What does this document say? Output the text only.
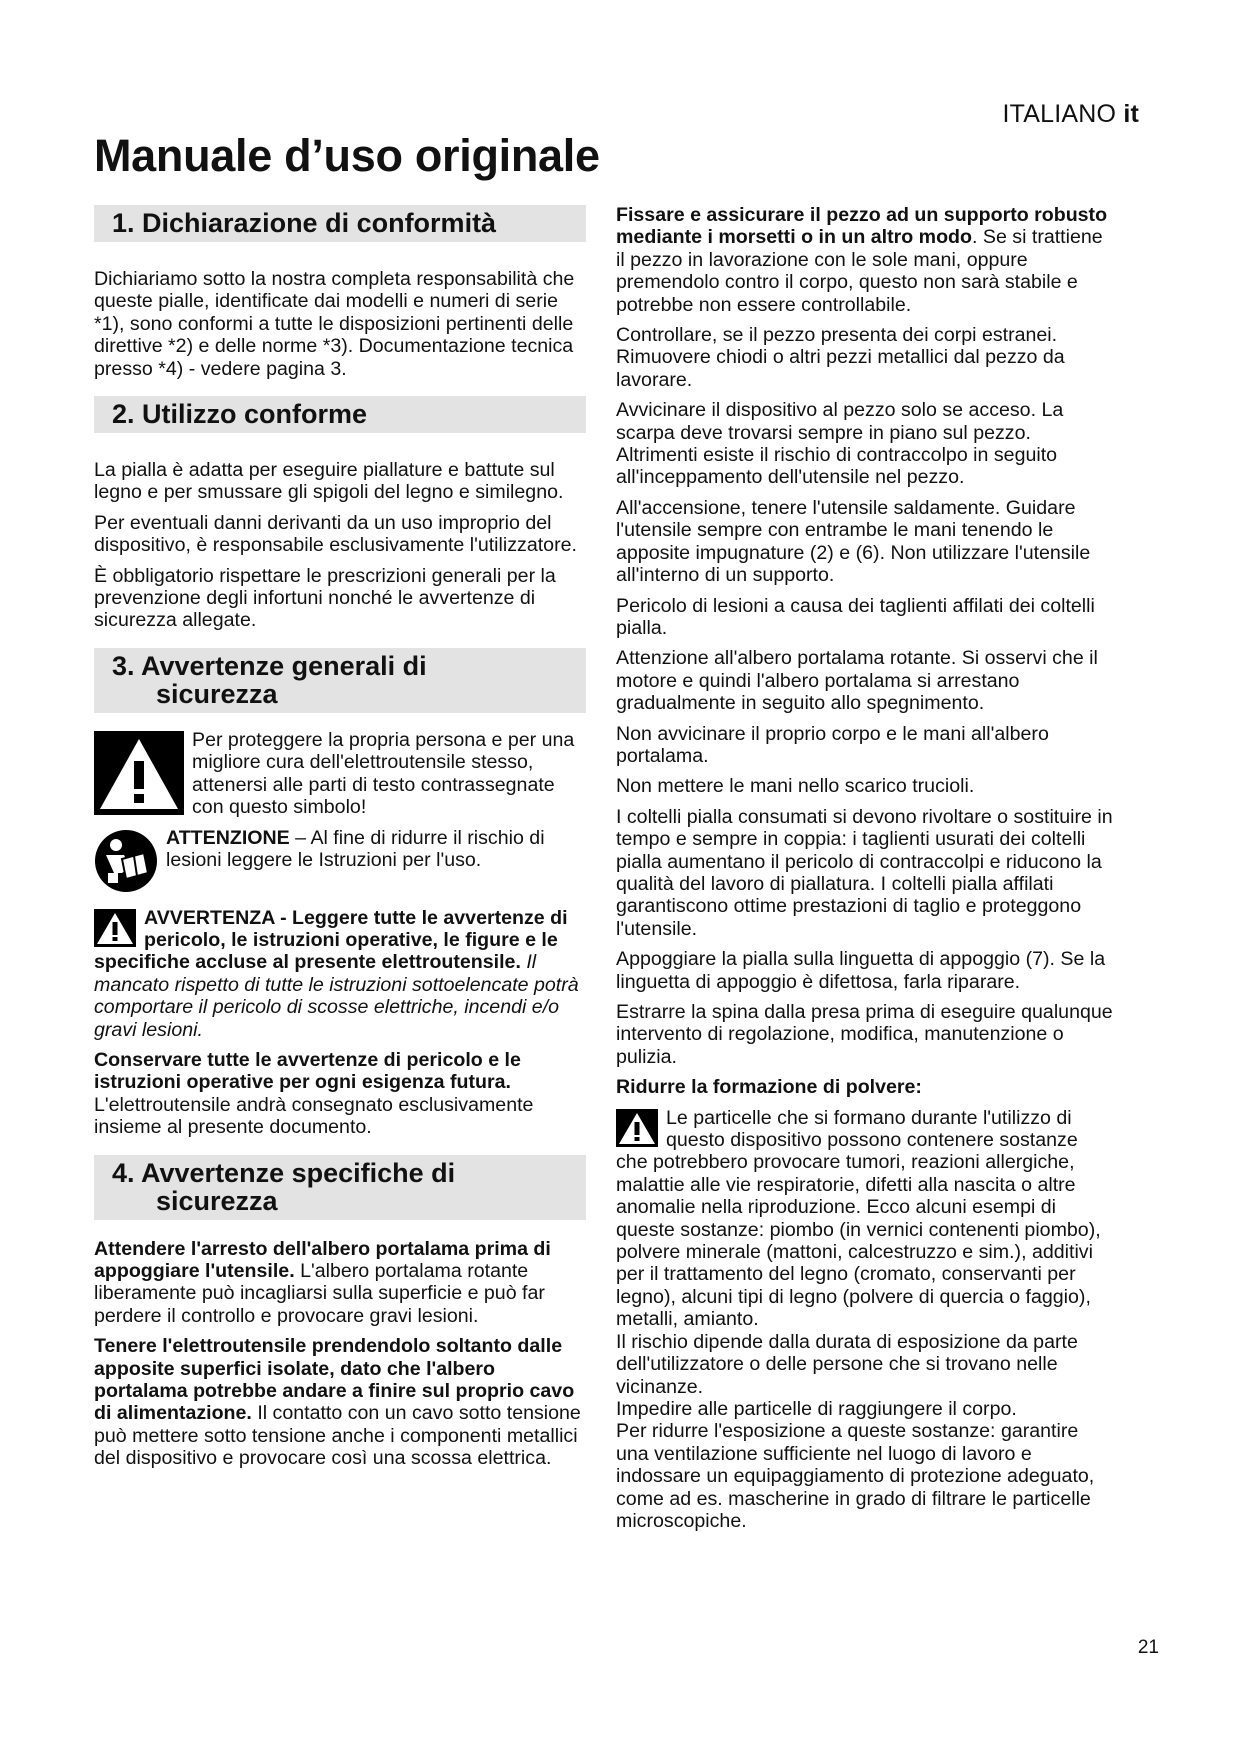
ITALIANO it
Manuale d’uso originale
1. Dichiarazione di conformità

Dichiariamo sotto la nostra completa responsabilità che queste pialle, identificate dai modelli e numeri di serie *1), sono conformi a tutte le disposizioni pertinenti delle direttive *2) e delle norme *3). Documentazione tecnica presso *4) - vedere pagina 3.

2. Utilizzo conforme

La pialla è adatta per eseguire piallature e battute sul legno e per smussare gli spigoli del legno e similegno.

Per eventuali danni derivanti da un uso improprio del dispositivo, è responsabile esclusivamente l'utilizzatore.

È obbligatorio rispettare le prescrizioni generali per la prevenzione degli infortuni nonché le avvertenze di sicurezza allegate.

3. Avvertenze generali di
sicurezza
Per proteggere la propria persona e per una migliore cura dell'elettroutensile stesso, attenersi alle parti di testo contrassegnate con questo simbolo!
ATTENZIONE – Al fine di ridurre il rischio di lesioni leggere le Istruzioni per l'uso.
AVVERTENZA - Leggere tutte le avvertenze di pericolo, le istruzioni operative, le figure e le specifiche accluse al presente elettroutensile. Il mancato rispetto di tutte le istruzioni sottoelencate potrà comportare il pericolo di scosse elettriche, incendi e/o gravi lesioni.

Conservare tutte le avvertenze di pericolo e le istruzioni operative per ogni esigenza futura. L'elettroutensile andrà consegnato esclusivamente insieme al presente documento.

4. Avvertenze specifiche di
sicurezza

Attendere l'arresto dell'albero portalama prima di appoggiare l'utensile. L'albero portalama rotante liberamente può incagliarsi sulla superficie e può far perdere il controllo e provocare gravi lesioni.

Tenere l'elettroutensile prendendolo soltanto dalle apposite superfici isolate, dato che l'albero portalama potrebbe andare a finire sul proprio cavo di alimentazione. Il contatto con un cavo sotto tensione può mettere sotto tensione anche i componenti metallici del dispositivo e provocare così una scossa elettrica.

Fissare e assicurare il pezzo ad un supporto robusto mediante i morsetti o in un altro modo. Se si trattiene il pezzo in lavorazione con le sole mani, oppure premendolo contro il corpo, questo non sarà stabile e potrebbe non essere controllabile.

Controllare, se il pezzo presenta dei corpi estranei. Rimuovere chiodi o altri pezzi metallici dal pezzo da lavorare.

Avvicinare il dispositivo al pezzo solo se acceso. La scarpa deve trovarsi sempre in piano sul pezzo. Altrimenti esiste il rischio di contraccolpo in seguito all'inceppamento dell'utensile nel pezzo.

All'accensione, tenere l'utensile saldamente. Guidare l'utensile sempre con entrambe le mani tenendo le apposite impugnature (2) e (6). Non utilizzare l'utensile all'interno di un supporto.

Pericolo di lesioni a causa dei taglienti affilati dei coltelli pialla.

Attenzione all'albero portalama rotante. Si osservi che il motore e quindi l'albero portalama si arrestano gradualmente in seguito allo spegnimento.

Non avvicinare il proprio corpo e le mani all'albero portalama.

Non mettere le mani nello scarico trucioli.

I coltelli pialla consumati si devono rivoltare o sostituire in tempo e sempre in coppia: i taglienti usurati dei coltelli pialla aumentano il pericolo di contraccolpi e riducono la qualità del lavoro di piallatura. I coltelli pialla affilati garantiscono ottime prestazioni di taglio e proteggono l'utensile.

Appoggiare la pialla sulla linguetta di appoggio (7). Se la linguetta di appoggio è difettosa, farla riparare.

Estrarre la spina dalla presa prima di eseguire qualunque intervento di regolazione, modifica, manutenzione o pulizia.

Ridurre la formazione di polvere:

Le particelle che si formano durante l'utilizzo di questo dispositivo possono contenere sostanze che potrebbero provocare tumori, reazioni allergiche, malattie alle vie respiratorie, difetti alla nascita o altre anomalie nella riproduzione. Ecco alcuni esempi di queste sostanze: piombo (in vernici contenenti piombo), polvere minerale (mattoni, calcestruzzo e sim.), additivi per il trattamento del legno (cromato, conservanti per legno), alcuni tipi di legno (polvere di quercia o faggio), metalli, amianto.
Il rischio dipende dalla durata di esposizione da parte dell'utilizzatore o delle persone che si trovano nelle vicinanze.
Impedire alle particelle di raggiungere il corpo.
Per ridurre l'esposizione a queste sostanze: garantire una ventilazione sufficiente nel luogo di lavoro e indossare un equipaggiamento di protezione adeguato, come ad es. mascherine in grado di filtrare le particelle microscopiche.
21
